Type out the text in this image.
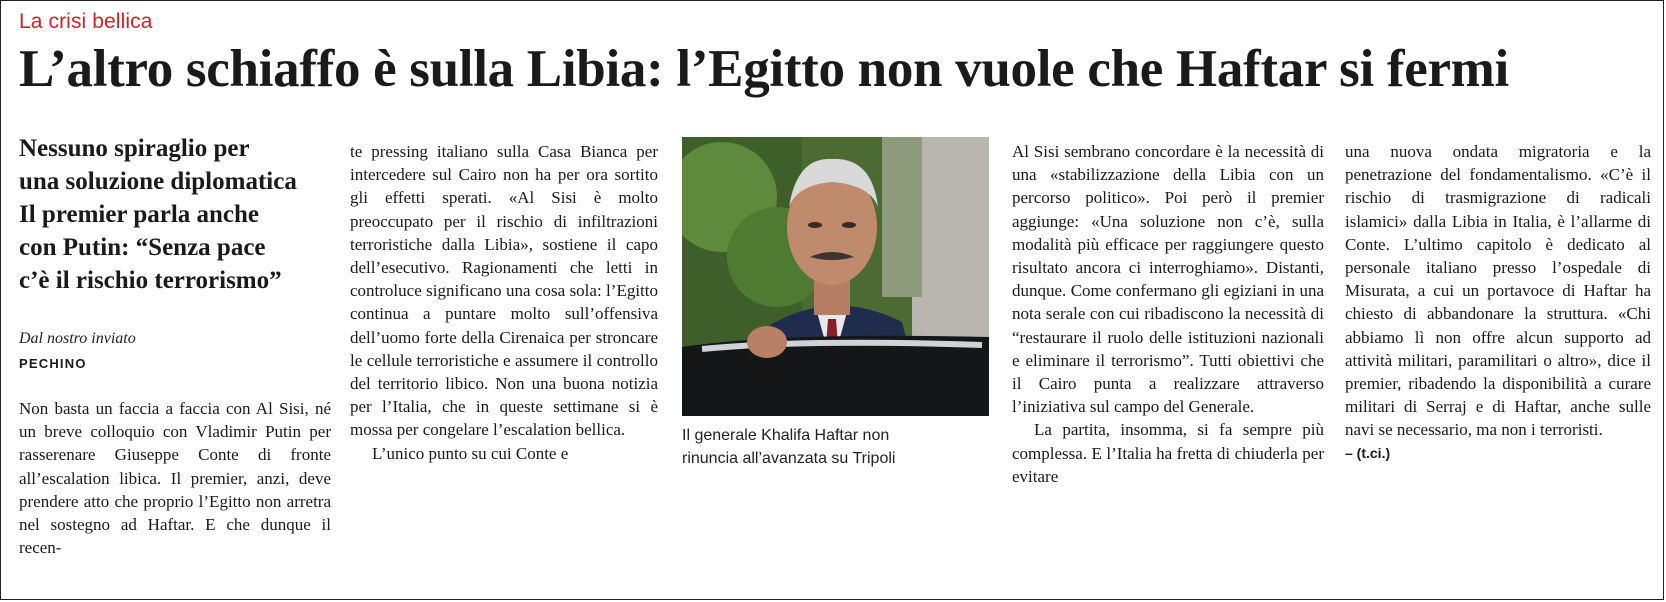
La crisi bellica
L’altro schiaffo è sulla Libia: l’Egitto non vuole che Haftar si fermi
Nessuno spiraglio per
una soluzione diplomatica
Il premier parla anche
con Putin: “Senza pace
c’è il rischio terrorismo”
Dal nostro inviato
PECHINO

Non basta un faccia a faccia con Al Sisi, né un breve colloquio con Vladimir Putin per rasserenare Giuseppe Conte di fronte all’escalation libica. Il premier, anzi, deve prendere atto che proprio l’Egitto non arretra nel sostegno ad Haftar. E che dunque il recen-

te pressing italiano sulla Casa Bianca per intercedere sul Cairo non ha per ora sortito gli effetti sperati. «Al Sisi è molto preoccupato per il rischio di infiltrazioni terroristiche dalla Libia», sostiene il capo dell’esecutivo. Ragionamenti che letti in controluce significano una cosa sola: l’Egitto continua a puntare molto sull’offensiva dell’uomo forte della Cirenaica per stroncare le cellule terroristiche e assumere il controllo del territorio libico. Non una buona notizia per l’Italia, che in queste settimane si è mossa per congelare l’escalation bellica.

L’unico punto su cui Conte e

Il generale Khalifa Haftar non
rinuncia all’avanzata su Tripoli

Al Sisi sembrano concordare è la necessità di una «stabilizzazione della Libia con un percorso politico». Poi però il premier aggiunge: «Una soluzione non c’è, sulla modalità più efficace per raggiungere questo risultato ancora ci interroghiamo». Distanti, dunque. Come confermano gli egiziani in una nota serale con cui ribadiscono la necessità di “restaurare il ruolo delle istituzioni nazionali e eliminare il terrorismo”. Tutti obiettivi che il Cairo punta a realizzare attraverso l’iniziativa sul campo del Generale.

La partita, insomma, si fa sempre più complessa. E l’Italia ha fretta di chiuderla per evitare

una nuova ondata migratoria e la penetrazione del fondamentalismo. «C’è il rischio di trasmigrazione di radicali islamici» dalla Libia in Italia, è l’allarme di Conte. L’ultimo capitolo è dedicato al personale italiano presso l’ospedale di Misurata, a cui un portavoce di Haftar ha chiesto di abbandonare la struttura. «Chi abbiamo lì non offre alcun supporto ad attività militari, paramilitari o altro», dice il premier, ribadendo la disponibilità a curare militari di Serraj e di Haftar, anche sulle navi se necessario, ma non i terroristi.

– (t.ci.)
